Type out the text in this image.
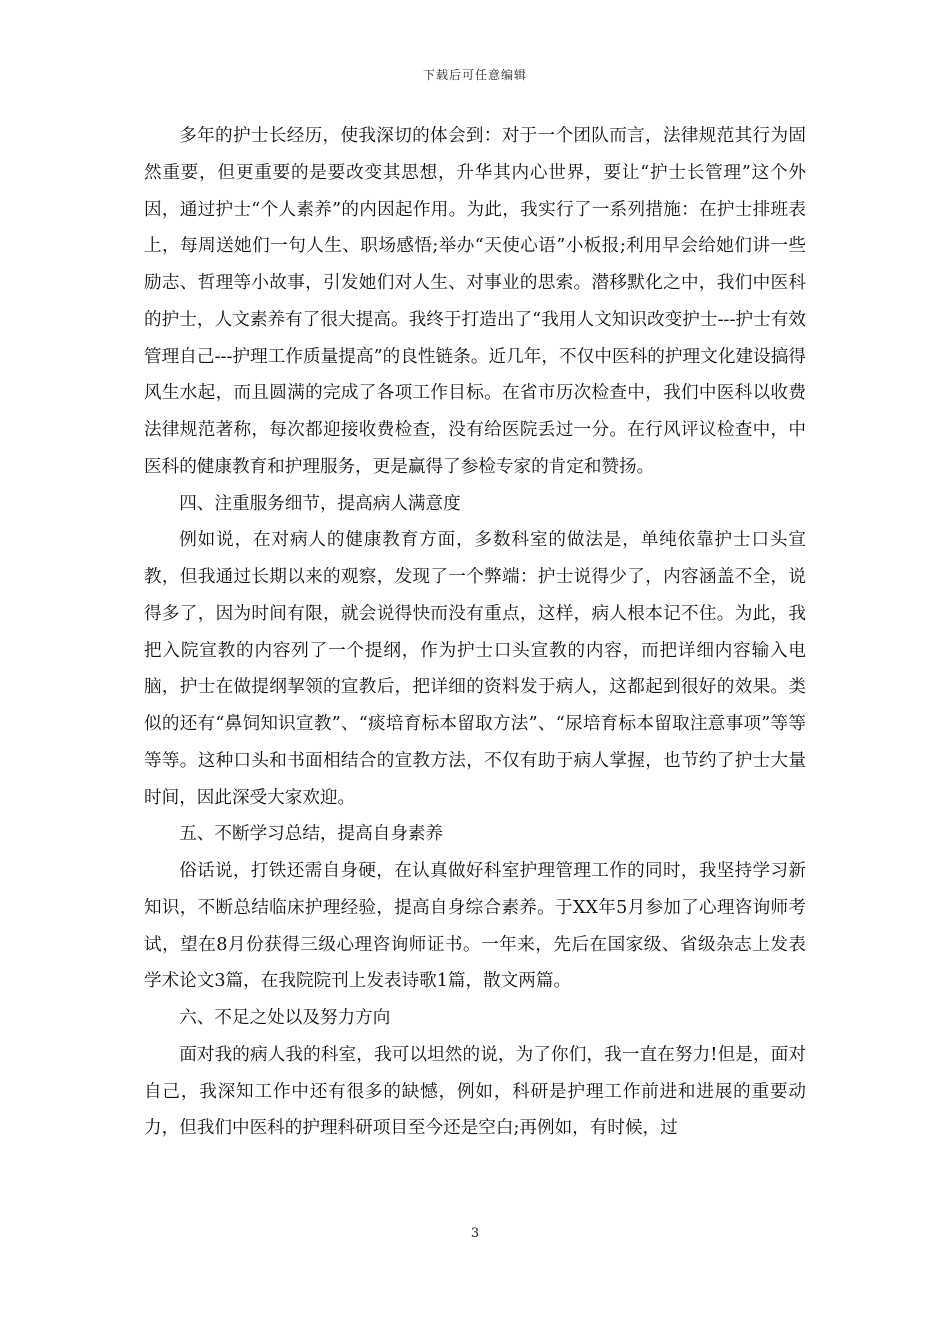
下载后可任意编辑

多年的护士长经历，使我深切的体会到：对于一个团队而言，法律规范其行为固然重要，但更重要的是要改变其思想，升华其内心世界，要让“护士长管理”这个外因，通过护士“个人素养”的内因起作用。为此，我实行了一系列措施：在护士排班表上，每周送她们一句人生、职场感悟;举办“天使心语”小板报;利用早会给她们讲一些励志、哲理等小故事，引发她们对人生、对事业的思索。潜移默化之中，我们中医科的护士，人文素养有了很大提高。我终于打造出了“我用人文知识改变护士---护士有效管理自己---护理工作质量提高”的良性链条。近几年，不仅中医科的护理文化建设搞得风生水起，而且圆满的完成了各项工作目标。在省市历次检查中，我们中医科以收费法律规范著称，每次都迎接收费检查，没有给医院丢过一分。在行风评议检查中，中医科的健康教育和护理服务，更是赢得了参检专家的肯定和赞扬。

四、注重服务细节，提高病人满意度

例如说，在对病人的健康教育方面，多数科室的做法是，单纯依靠护士口头宣教，但我通过长期以来的观察，发现了一个弊端：护士说得少了，内容涵盖不全，说得多了，因为时间有限，就会说得快而没有重点，这样，病人根本记不住。为此，我把入院宣教的内容列了一个提纲，作为护士口头宣教的内容，而把详细内容输入电脑，护士在做提纲挈领的宣教后，把详细的资料发于病人，这都起到很好的效果。类似的还有“鼻饲知识宣教”、“痰培育标本留取方法”、“尿培育标本留取注意事项”等等等等。这种口头和书面相结合的宣教方法，不仅有助于病人掌握，也节约了护士大量时间，因此深受大家欢迎。

五、不断学习总结，提高自身素养

俗话说，打铁还需自身硬，在认真做好科室护理管理工作的同时，我坚持学习新知识，不断总结临床护理经验，提高自身综合素养。于XX年5月参加了心理咨询师考试，望在8月份获得三级心理咨询师证书。一年来，先后在国家级、省级杂志上发表学术论文3篇，在我院院刊上发表诗歌1篇，散文两篇。

六、不足之处以及努力方向

面对我的病人我的科室，我可以坦然的说，为了你们，我一直在努力!但是，面对自己，我深知工作中还有很多的缺憾，例如，科研是护理工作前进和进展的重要动力，但我们中医科的护理科研项目至今还是空白;再例如，有时候，过

3
